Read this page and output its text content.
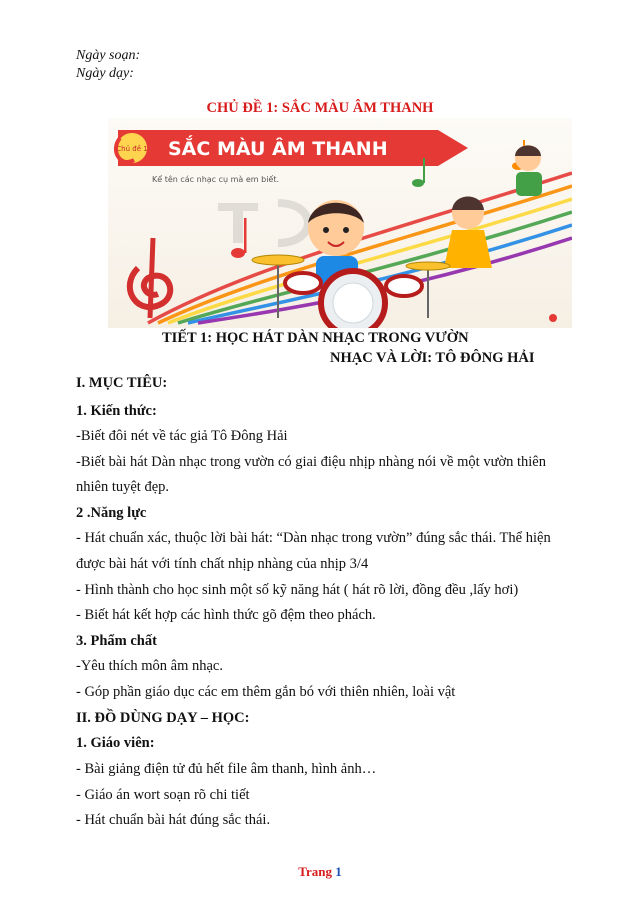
Ngày soạn:
Ngày dạy:
CHỦ ĐỀ 1: SẮC MÀU ÂM THANH
Chủ đề 1 SẮC MÀU ÂM THANH
Kể tên các nhạc cụ mà em biết.
TIẾT 1: HỌC HÁT DÀN NHẠC TRONG VƯỜN
NHẠC VÀ LỜI: TÔ ĐÔNG HẢI
I. MỤC TIÊU:
1. Kiến thức:
-Biết đôi nét về tác giả Tô Đông Hải
-Biết bài hát Dàn nhạc trong vườn có giai điệu nhịp nhàng nói về một vườn thiên
nhiên tuyệt đẹp.
2 .Năng lực
- Hát chuẩn xác, thuộc lời bài hát: “Dàn nhạc trong vườn” đúng sắc thái. Thể hiện
được bài hát với tính chất nhịp nhàng của nhịp 3/4
- Hình thành cho học sinh một số kỹ năng hát ( hát rõ lời, đồng đều ,lấy hơi)
- Biết hát kết hợp các hình thức gõ đệm theo phách.
3. Phẩm chất
-Yêu thích môn âm nhạc.
- Góp phần giáo dục các em thêm gắn bó với thiên nhiên, loài vật
II. ĐỒ DÙNG DẠY – HỌC:
1. Giáo viên:
- Bài giảng điện tử đủ hết file âm thanh, hình ảnh…
- Giáo án wort soạn rõ chi tiết
- Hát chuẩn bài hát đúng sắc thái.
Trang 1
